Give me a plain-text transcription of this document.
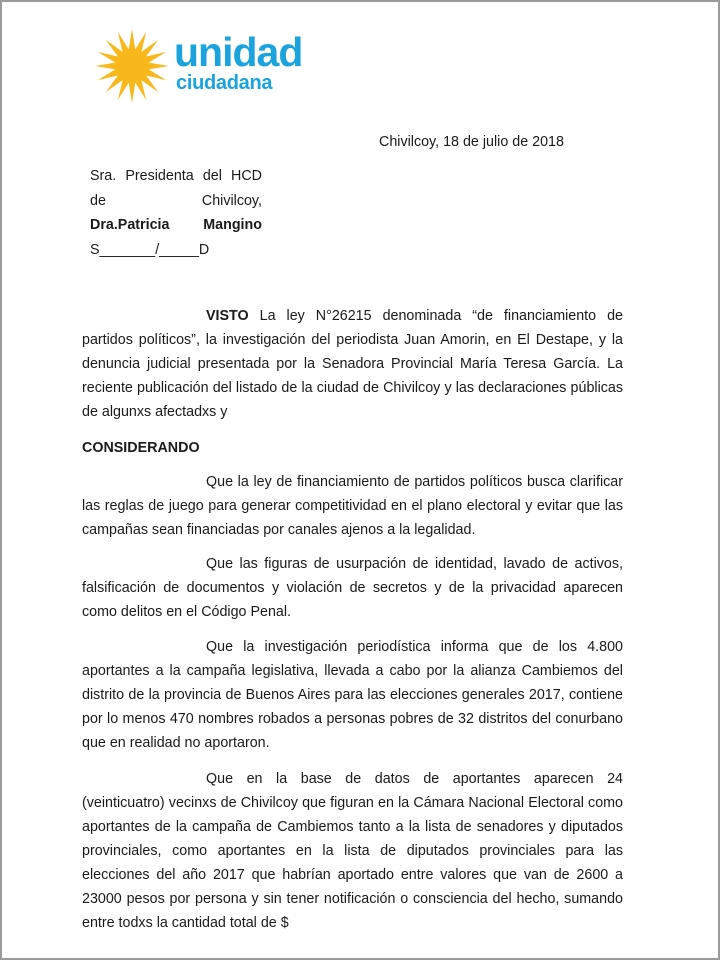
unidad
ciudadana
Chivilcoy, 18 de julio de 2018
Sra. Presidenta del HCD
de	Chivilcoy,
Dra.Patricia Mangino
S_______/_____D
VISTO La ley N°26215 denominada “de financiamiento de partidos políticos”, la investigación del periodista Juan Amorin, en El Destape, y la denuncia judicial presentada por la Senadora Provincial María Teresa García. La reciente publicación del listado de la ciudad de Chivilcoy y las declaraciones públicas de algunxs afectadxs y
CONSIDERANDO
Que la ley de financiamiento de partidos políticos busca clarificar las reglas de juego para generar competitividad en el plano electoral y evitar que las campañas sean financiadas por canales ajenos a la legalidad.
Que las figuras de usurpación de identidad, lavado de activos, falsificación de documentos y violación de secretos y de la privacidad aparecen como delitos en el Código Penal.
Que la investigación periodística informa que de los 4.800 aportantes a la campaña legislativa, llevada a cabo por la alianza Cambiemos del distrito de la provincia de Buenos Aires para las elecciones generales 2017, contiene por lo menos 470 nombres robados a personas pobres de 32 distritos del conurbano que en realidad no aportaron.
Que en la base de datos de aportantes aparecen 24 (veinticuatro) vecinxs de Chivilcoy que figuran en la Cámara Nacional Electoral como aportantes de la campaña de Cambiemos tanto a la lista de senadores y diputados provinciales, como aportantes en la lista de diputados provinciales para las elecciones del año 2017 que habrían aportado entre valores que van de 2600 a 23000 pesos por persona y sin tener notificación o consciencia del hecho, sumando entre todxs la cantidad total de $
